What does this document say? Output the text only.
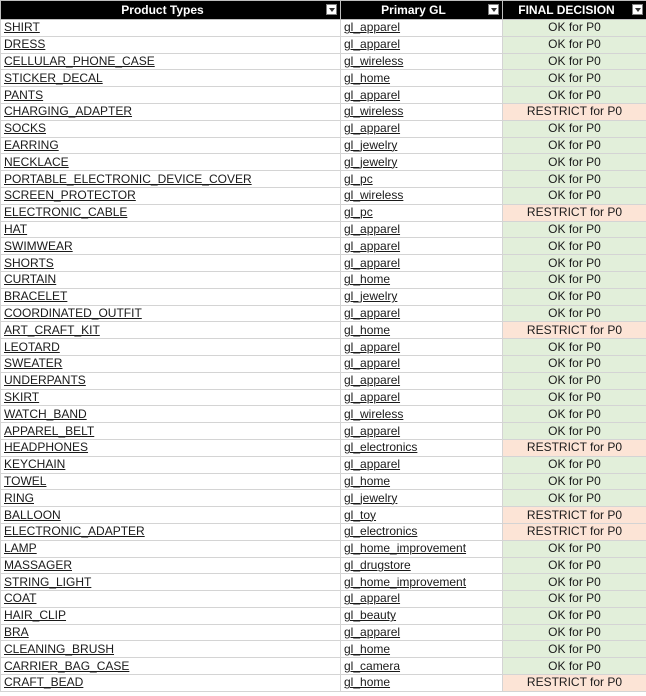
Product Types	Primary GL	FINAL DECISION

SHIRT	gl_apparel	OK for P0
DRESS	gl_apparel	OK for P0
CELLULAR_PHONE_CASE	gl_wireless	OK for P0
STICKER_DECAL	gl_home	OK for P0
PANTS	gl_apparel	OK for P0
CHARGING_ADAPTER	gl_wireless	RESTRICT for P0
SOCKS	gl_apparel	OK for P0
EARRING	gl_jewelry	OK for P0
NECKLACE	gl_jewelry	OK for P0
PORTABLE_ELECTRONIC_DEVICE_COVER	gl_pc	OK for P0
SCREEN_PROTECTOR	gl_wireless	OK for P0
ELECTRONIC_CABLE	gl_pc	RESTRICT for P0
HAT	gl_apparel	OK for P0
SWIMWEAR	gl_apparel	OK for P0
SHORTS	gl_apparel	OK for P0
CURTAIN	gl_home	OK for P0
BRACELET	gl_jewelry	OK for P0
COORDINATED_OUTFIT	gl_apparel	OK for P0
ART_CRAFT_KIT	gl_home	RESTRICT for P0
LEOTARD	gl_apparel	OK for P0
SWEATER	gl_apparel	OK for P0
UNDERPANTS	gl_apparel	OK for P0
SKIRT	gl_apparel	OK for P0
WATCH_BAND	gl_wireless	OK for P0
APPAREL_BELT	gl_apparel	OK for P0
HEADPHONES	gl_electronics	RESTRICT for P0
KEYCHAIN	gl_apparel	OK for P0
TOWEL	gl_home	OK for P0
RING	gl_jewelry	OK for P0
BALLOON	gl_toy	RESTRICT for P0
ELECTRONIC_ADAPTER	gl_electronics	RESTRICT for P0
LAMP	gl_home_improvement	OK for P0
MASSAGER	gl_drugstore	OK for P0
STRING_LIGHT	gl_home_improvement	OK for P0
COAT	gl_apparel	OK for P0
HAIR_CLIP	gl_beauty	OK for P0
BRA	gl_apparel	OK for P0
CLEANING_BRUSH	gl_home	OK for P0
CARRIER_BAG_CASE	gl_camera	OK for P0
CRAFT_BEAD	gl_home	RESTRICT for P0
